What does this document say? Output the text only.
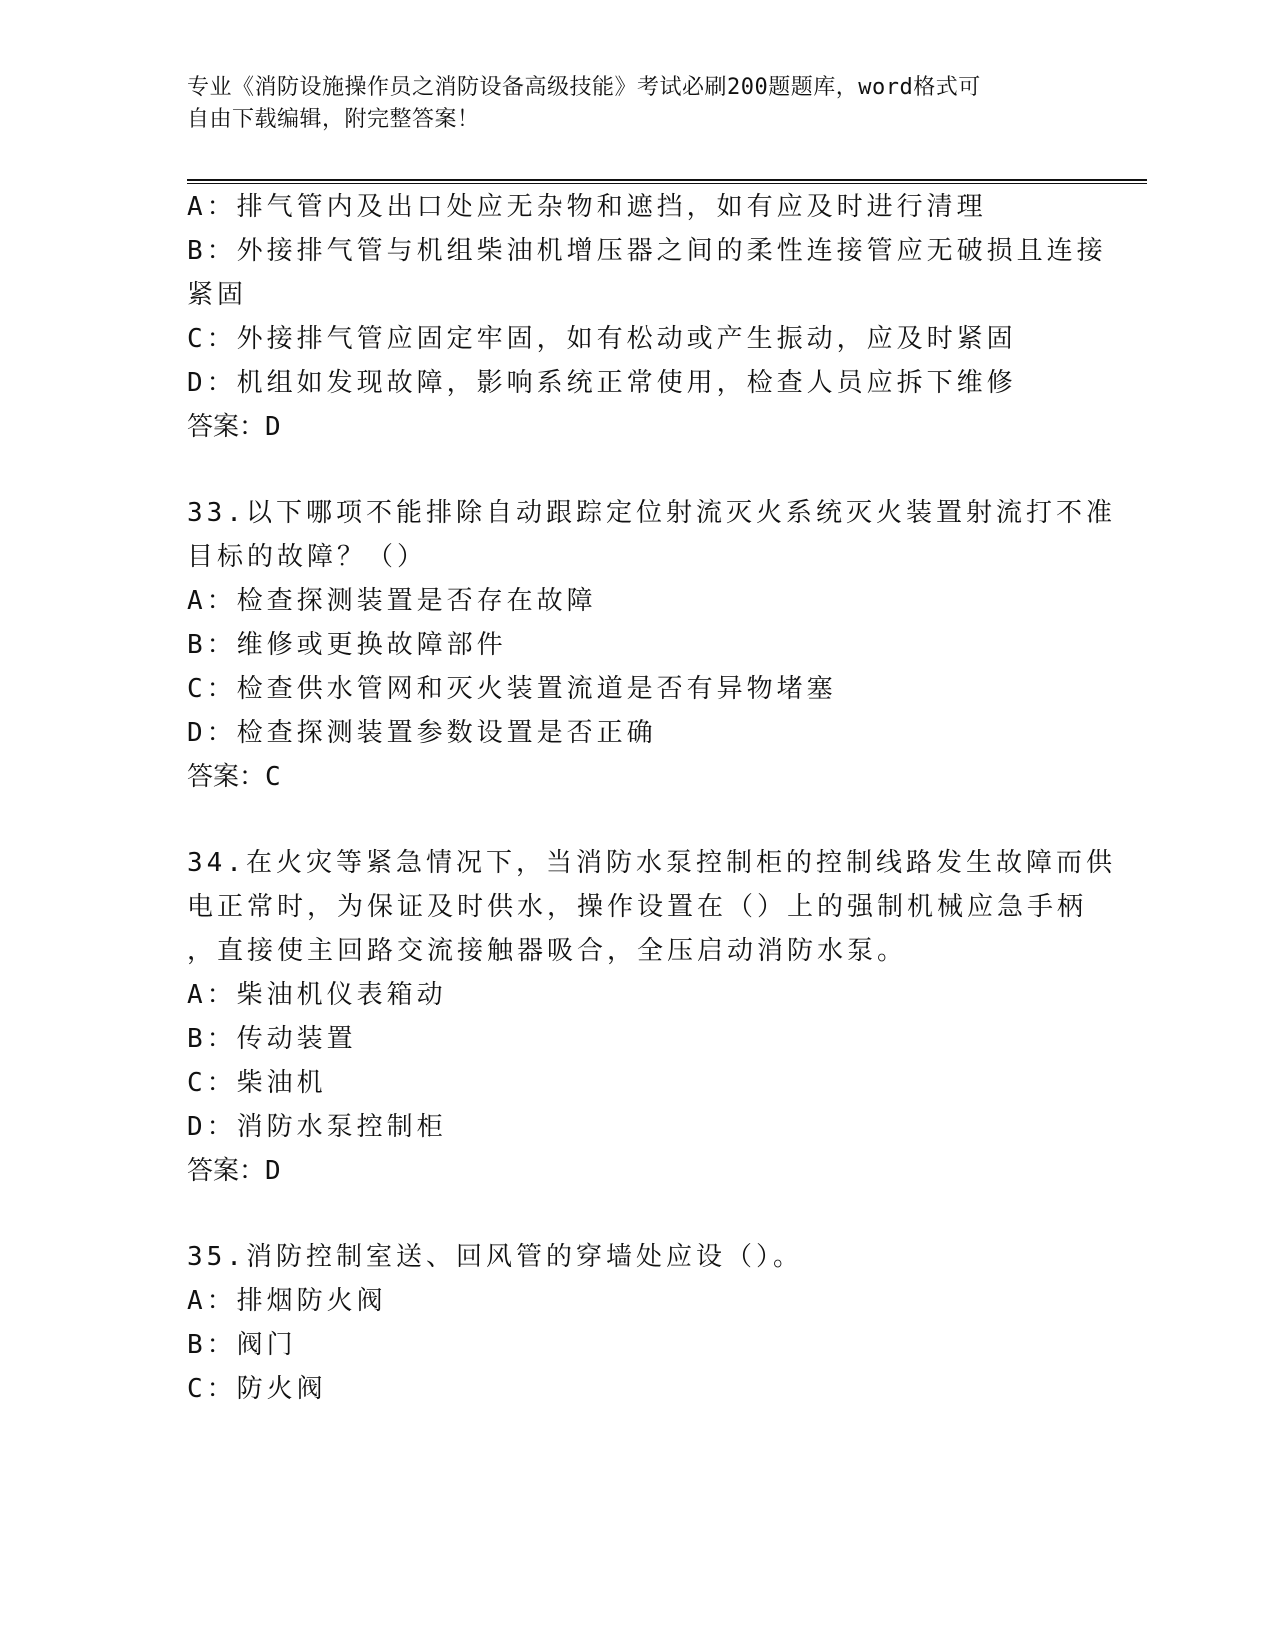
专业《消防设施操作员之消防设备高级技能》考试必刷200题题库，word格式可
自由下载编辑，附完整答案！
A：排气管内及出口处应无杂物和遮挡，如有应及时进行清理
B：外接排气管与机组柴油机增压器之间的柔性连接管应无破损且连接
紧固
C：外接排气管应固定牢固，如有松动或产生振动，应及时紧固
D：机组如发现故障，影响系统正常使用，检查人员应拆下维修
答案：D
33.以下哪项不能排除自动跟踪定位射流灭火系统灭火装置射流打不准
目标的故障？（）
A：检查探测装置是否存在故障
B：维修或更换故障部件
C：检查供水管网和灭火装置流道是否有异物堵塞
D：检查探测装置参数设置是否正确
答案：C
34.在火灾等紧急情况下，当消防水泵控制柜的控制线路发生故障而供
电正常时，为保证及时供水，操作设置在（）上的强制机械应急手柄
，直接使主回路交流接触器吸合，全压启动消防水泵。
A：柴油机仪表箱动
B：传动装置
C：柴油机
D：消防水泵控制柜
答案：D
35.消防控制室送、回风管的穿墙处应设（）。
A：排烟防火阀
B：阀门
C：防火阀
